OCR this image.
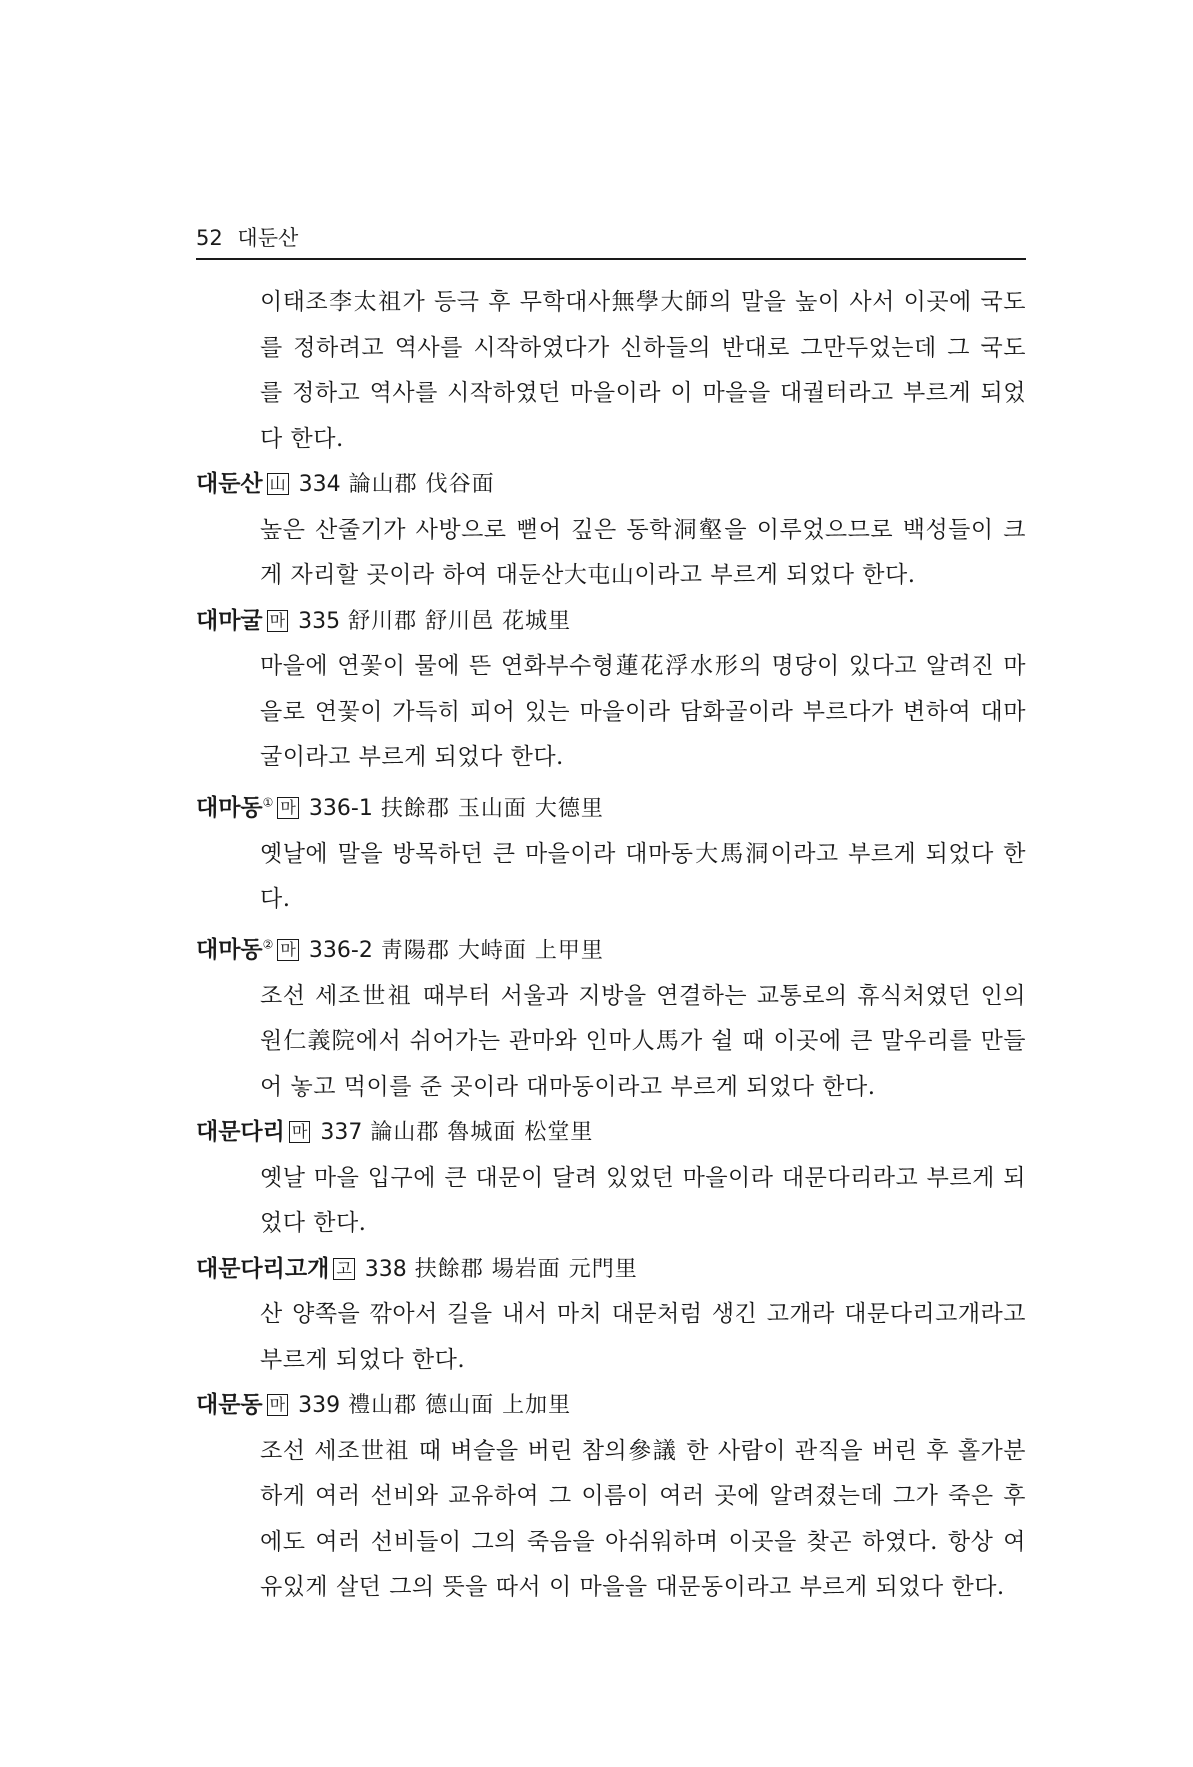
52 대둔산
이태조李太祖가 등극 후 무학대사無學大師의 말을 높이 사서 이곳에 국도를 정하려고 역사를 시작하였다가 신하들의 반대로 그만두었는데 그 국도를 정하고 역사를 시작하였던 마을이라 이 마을을 대궐터라고 부르게 되었다 한다.
대둔산 山 334 論山郡 伐谷面
높은 산줄기가 사방으로 뻗어 깊은 동학洞壑을 이루었으므로 백성들이 크게 자리할 곳이라 하여 대둔산大屯山이라고 부르게 되었다 한다.
대마굴 마 335 舒川郡 舒川邑 花城里
마을에 연꽃이 물에 뜬 연화부수형蓮花浮水形의 명당이 있다고 알려진 마을로 연꽃이 가득히 피어 있는 마을이라 담화골이라 부르다가 변하여 대마굴이라고 부르게 되었다 한다.
대마동① 마 336-1 扶餘郡 玉山面 大德里
옛날에 말을 방목하던 큰 마을이라 대마동大馬洞이라고 부르게 되었다 한다.
대마동② 마 336-2 靑陽郡 大峙面 上甲里
조선 세조世祖 때부터 서울과 지방을 연결하는 교통로의 휴식처였던 인의원仁義院에서 쉬어가는 관마와 인마人馬가 쉴 때 이곳에 큰 말우리를 만들어 놓고 먹이를 준 곳이라 대마동이라고 부르게 되었다 한다.
대문다리 마 337 論山郡 魯城面 松堂里
옛날 마을 입구에 큰 대문이 달려 있었던 마을이라 대문다리라고 부르게 되었다 한다.
대문다리고개 고 338 扶餘郡 場岩面 元門里
산 양쪽을 깎아서 길을 내서 마치 대문처럼 생긴 고개라 대문다리고개라고 부르게 되었다 한다.
대문동 마 339 禮山郡 德山面 上加里
조선 세조世祖 때 벼슬을 버린 참의參議 한 사람이 관직을 버린 후 홀가분하게 여러 선비와 교유하여 그 이름이 여러 곳에 알려졌는데 그가 죽은 후에도 여러 선비들이 그의 죽음을 아쉬워하며 이곳을 찾곤 하였다. 항상 여유있게 살던 그의 뜻을 따서 이 마을을 대문동이라고 부르게 되었다 한다.
